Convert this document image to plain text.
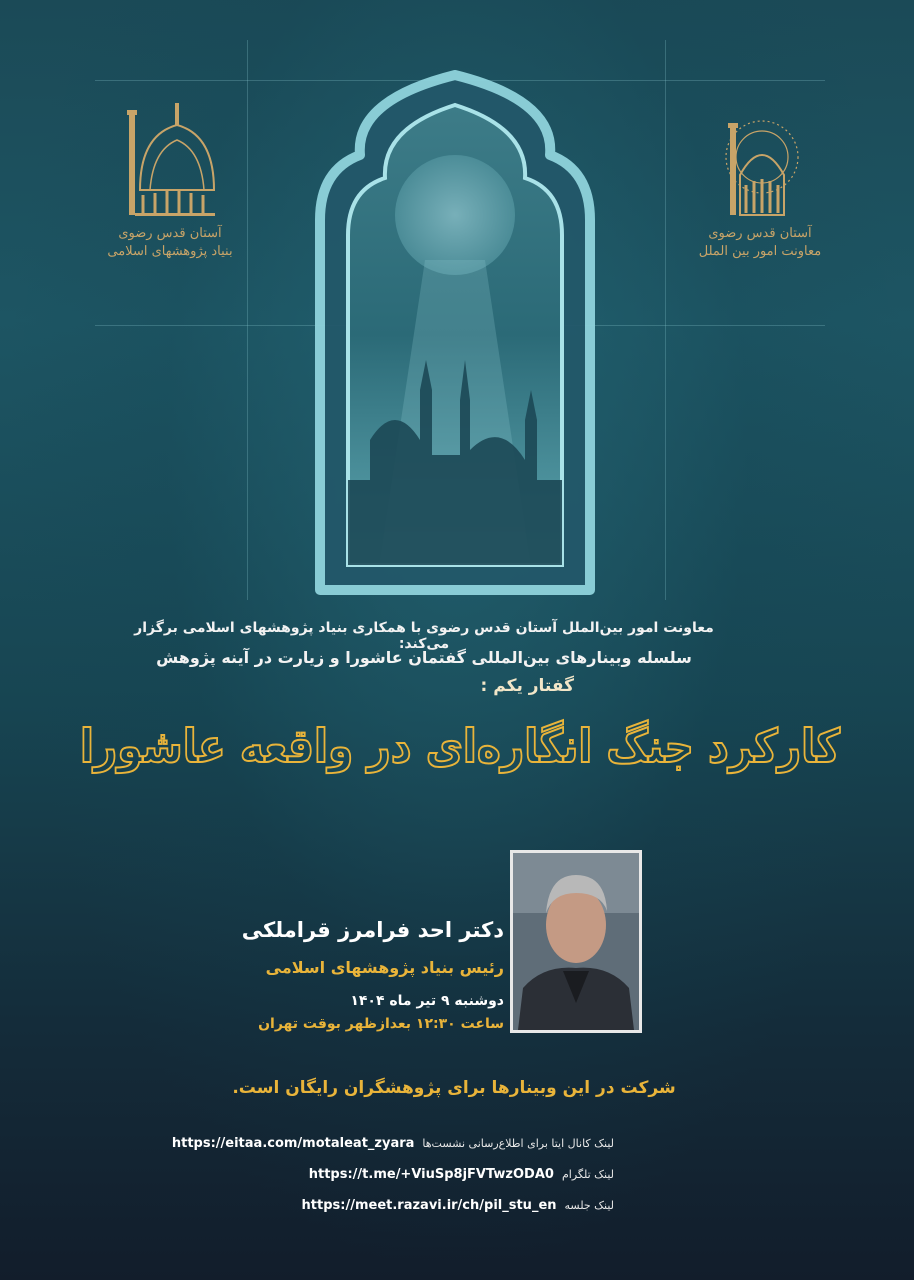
آستان قدس رضوی
معاونت امور بین الملل
آستان قدس رضوی
بنیاد پژوهشهای اسلامی
معاونت امور بین‌الملل آستان قدس رضوی با همکاری بنیاد پژوهشهای اسلامی برگزار می‌کند:
سلسله وبینارهای بین‌المللی گفتمان عاشورا و زیارت در آینه پژوهش
گفتار یکم :
کارکرد جنگ انگاره‌ای در واقعه عاشورا
دکتر احد فرامرز قراملکی
رئیس بنیاد پژوهشهای اسلامی
دوشنبه ۹ تیر ماه ۱۴۰۴
ساعت ۱۲:۳۰ بعدازظهر بوقت تهران
شرکت در این وبینارها برای پژوهشگران رایگان است.
لینک کانال ایتا برای اطلاع‌رسانی نشست‌ها
https://eitaa.com/motaleat_zyara
لینک تلگرام
https://t.me/+ViuSp8jFVTwzODA0
لینک جلسه
https://meet.razavi.ir/ch/pil_stu_en
